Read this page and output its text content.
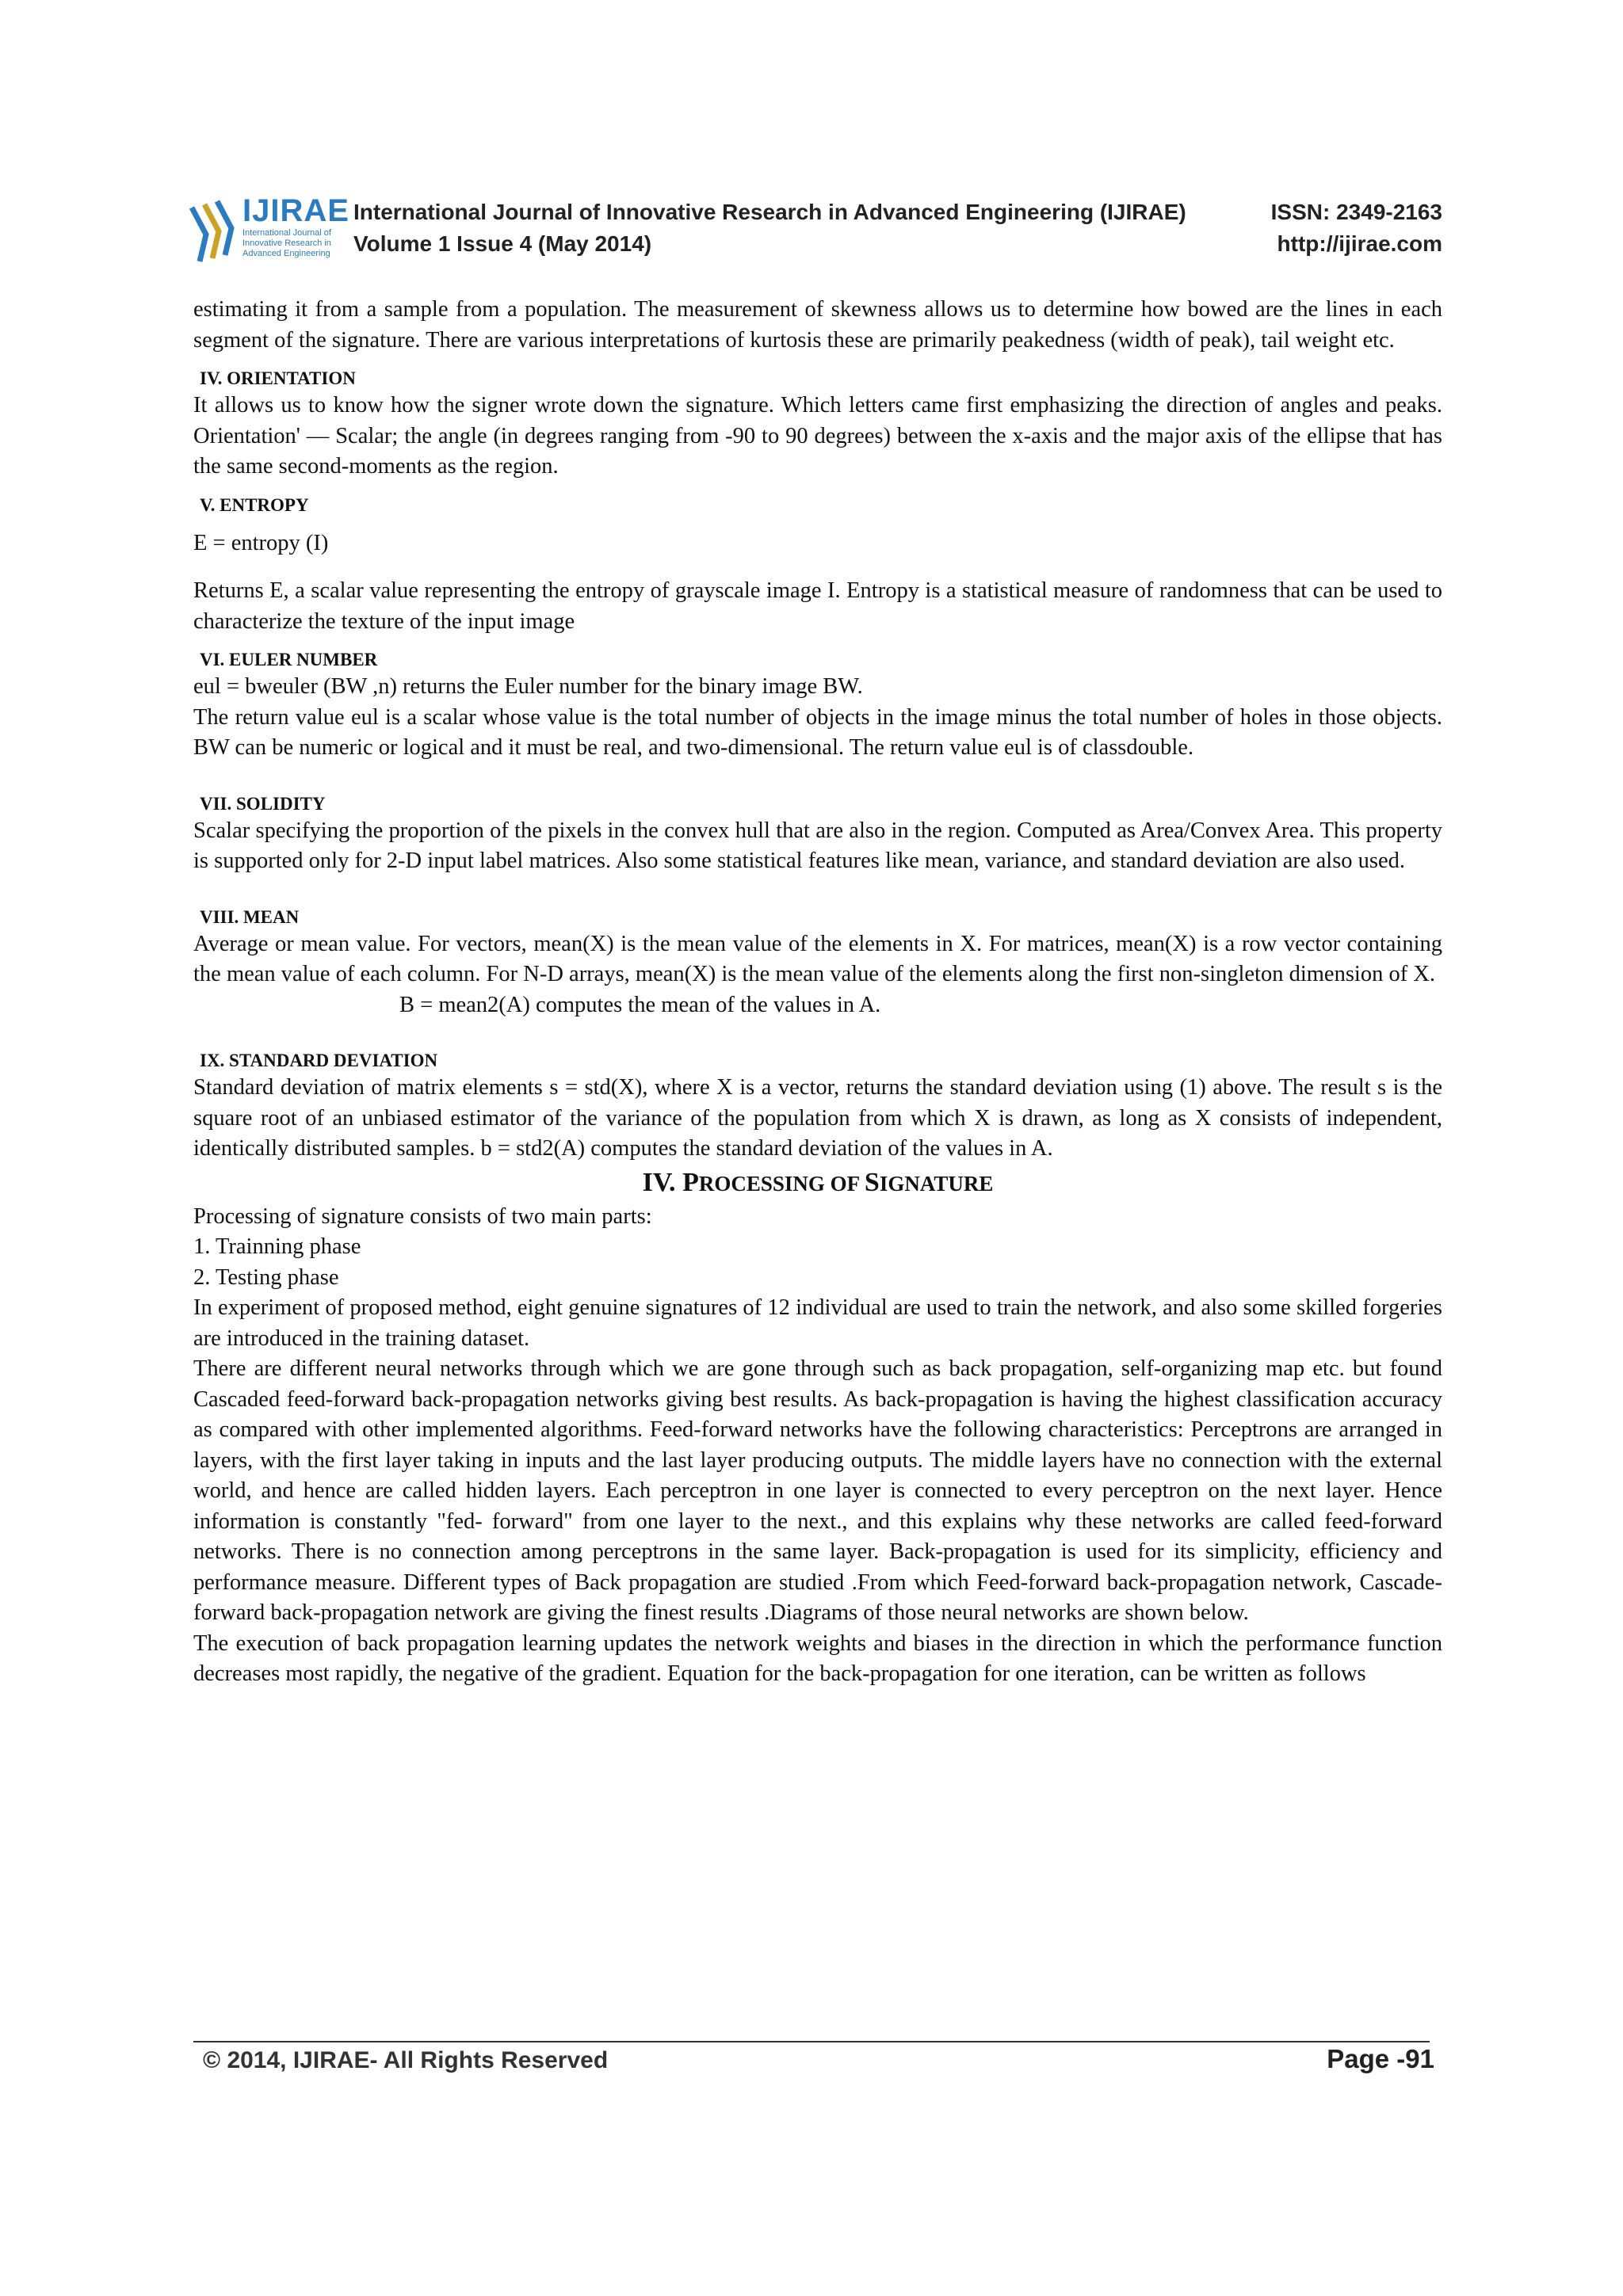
IJIRAE
International Journal of Innovative Research in Advanced Engineering
International Journal of Innovative Research in Advanced Engineering (IJIRAE)
Volume 1 Issue 4 (May 2014)
ISSN: 2349-2163
http://ijirae.com

estimating it from a sample from a population. The measurement of skewness allows us to determine how bowed are the lines in each segment of the signature. There are various interpretations of kurtosis these are primarily peakedness (width of peak), tail weight etc.

IV. ORIENTATION

It allows us to know how the signer wrote down the signature. Which letters came first emphasizing the direction of angles and peaks. Orientation' — Scalar; the angle (in degrees ranging from -90 to 90 degrees) between the x-axis and the major axis of the ellipse that has the same second-moments as the region.

V. ENTROPY

E = entropy (I)

Returns E, a scalar value representing the entropy of grayscale image I. Entropy is a statistical measure of randomness that can be used to characterize the texture of the input image

VI. EULER NUMBER

eul = bweuler (BW ,n) returns the Euler number for the binary image BW.

The return value eul is a scalar whose value is the total number of objects in the image minus the total number of holes in those objects. BW can be numeric or logical and it must be real, and two-dimensional. The return value eul is of classdouble.

VII. SOLIDITY

Scalar specifying the proportion of the pixels in the convex hull that are also in the region. Computed as Area/Convex Area. This property is supported only for 2-D input label matrices. Also some statistical features like mean, variance, and standard deviation are also used.

VIII. MEAN

Average or mean value. For vectors, mean(X) is the mean value of the elements in X. For matrices, mean(X) is a row vector containing the mean value of each column. For N-D arrays, mean(X) is the mean value of the elements along the first non-singleton dimension of X.

B = mean2(A) computes the mean of the values in A.

IX. STANDARD DEVIATION

Standard deviation of matrix elements s = std(X), where X is a vector, returns the standard deviation using (1) above. The result s is the square root of an unbiased estimator of the variance of the population from which X is drawn, as long as X consists of independent, identically distributed samples. b = std2(A) computes the standard deviation of the values in A.

IV. PROCESSING OF SIGNATURE

Processing of signature consists of two main parts:

1. Trainning phase

2. Testing phase

In experiment of proposed method, eight genuine signatures of 12 individual are used to train the network, and also some skilled forgeries are introduced in the training dataset.

There are different neural networks through which we are gone through such as back propagation, self-organizing map etc. but found Cascaded feed-forward back-propagation networks giving best results. As back-propagation is having the highest classification accuracy as compared with other implemented algorithms. Feed-forward networks have the following characteristics: Perceptrons are arranged in layers, with the first layer taking in inputs and the last layer producing outputs. The middle layers have no connection with the external world, and hence are called hidden layers. Each perceptron in one layer is connected to every perceptron on the next layer. Hence information is constantly "fed- forward" from one layer to the next., and this explains why these networks are called feed-forward networks. There is no connection among perceptrons in the same layer. Back-propagation is used for its simplicity, efficiency and performance measure. Different types of Back propagation are studied .From which Feed-forward back-propagation network, Cascade-forward back-propagation network are giving the finest results .Diagrams of those neural networks are shown below.

The execution of back propagation learning updates the network weights and biases in the direction in which the performance function decreases most rapidly, the negative of the gradient. Equation for the back-propagation for one iteration, can be written as follows

© 2014, IJIRAE- All Rights Reserved	Page -91
